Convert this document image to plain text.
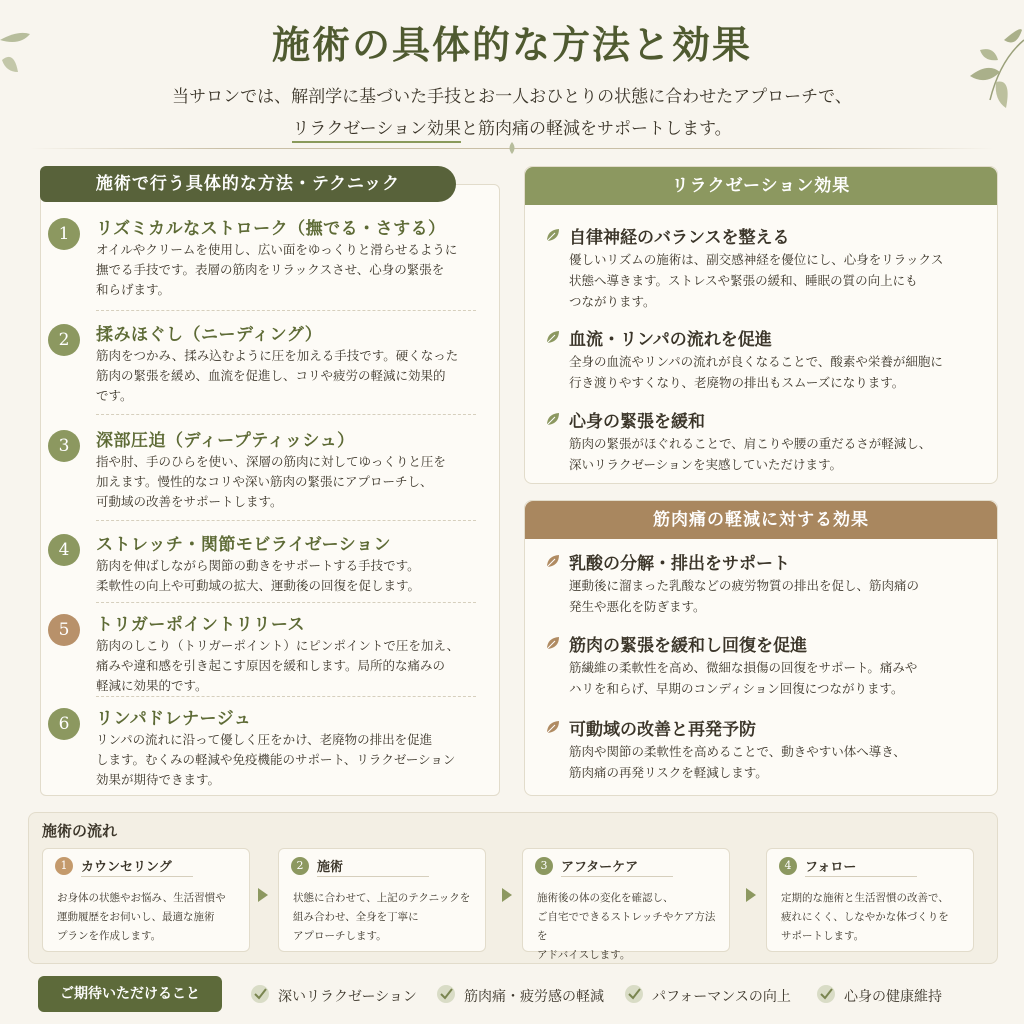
施術の具体的な方法と効果

当サロンでは、解剖学に基づいた手技とお一人おひとりの状態に合わせたアプローチで、

リラクゼーション効果と筋肉痛の軽減をサポートします。

施術で行う具体的な方法・テクニック
1	リズミカルなストローク（撫でる・さする）
オイルやクリームを使用し、広い面をゆっくりと滑らせるように
撫でる手技です。表層の筋肉をリラックスさせ、心身の緊張を
和らげます。
2	揉みほぐし（ニーディング）
筋肉をつかみ、揉み込むように圧を加える手技です。硬くなった
筋肉の緊張を緩め、血流を促進し、コリや疲労の軽減に効果的
です。
3	深部圧迫（ディープティッシュ）
指や肘、手のひらを使い、深層の筋肉に対してゆっくりと圧を
加えます。慢性的なコリや深い筋肉の緊張にアプローチし、
可動域の改善をサポートします。
4	ストレッチ・関節モビライゼーション
筋肉を伸ばしながら関節の動きをサポートする手技です。
柔軟性の向上や可動域の拡大、運動後の回復を促します。
5	トリガーポイントリリース
筋肉のしこり（トリガーポイント）にピンポイントで圧を加え、
痛みや違和感を引き起こす原因を緩和します。局所的な痛みの
軽減に効果的です。
6	リンパドレナージュ
リンパの流れに沿って優しく圧をかけ、老廃物の排出を促進
します。むくみの軽減や免疫機能のサポート、リラクゼーション
効果が期待できます。
リラクゼーション効果
自律神経のバランスを整える
優しいリズムの施術は、副交感神経を優位にし、心身をリラックス
状態へ導きます。ストレスや緊張の緩和、睡眠の質の向上にも
つながります。
血流・リンパの流れを促進
全身の血流やリンパの流れが良くなることで、酸素や栄養が細胞に
行き渡りやすくなり、老廃物の排出もスムーズになります。
心身の緊張を緩和
筋肉の緊張がほぐれることで、肩こりや腰の重だるさが軽減し、
深いリラクゼーションを実感していただけます。
筋肉痛の軽減に対する効果
乳酸の分解・排出をサポート
運動後に溜まった乳酸などの疲労物質の排出を促し、筋肉痛の
発生や悪化を防ぎます。
筋肉の緊張を緩和し回復を促進
筋繊維の柔軟性を高め、微細な損傷の回復をサポート。痛みや
ハリを和らげ、早期のコンディション回復につながります。
可動域の改善と再発予防
筋肉や関節の柔軟性を高めることで、動きやすい体へ導き、
筋肉痛の再発リスクを軽減します。
施術の流れ
1	カウンセリング
お身体の状態やお悩み、生活習慣や
運動履歴をお伺いし、最適な施術
プランを作成します。
2	施術
状態に合わせて、上記のテクニックを
組み合わせ、全身を丁寧に
アプローチします。
3	アフターケア
施術後の体の変化を確認し、
ご自宅でできるストレッチやケア方法を
アドバイスします。
4	フォロー
定期的な施術と生活習慣の改善で、
疲れにくく、しなやかな体づくりを
サポートします。
ご期待いただけること	深いリラクゼーション	筋肉痛・疲労感の軽減	パフォーマンスの向上	心身の健康維持
